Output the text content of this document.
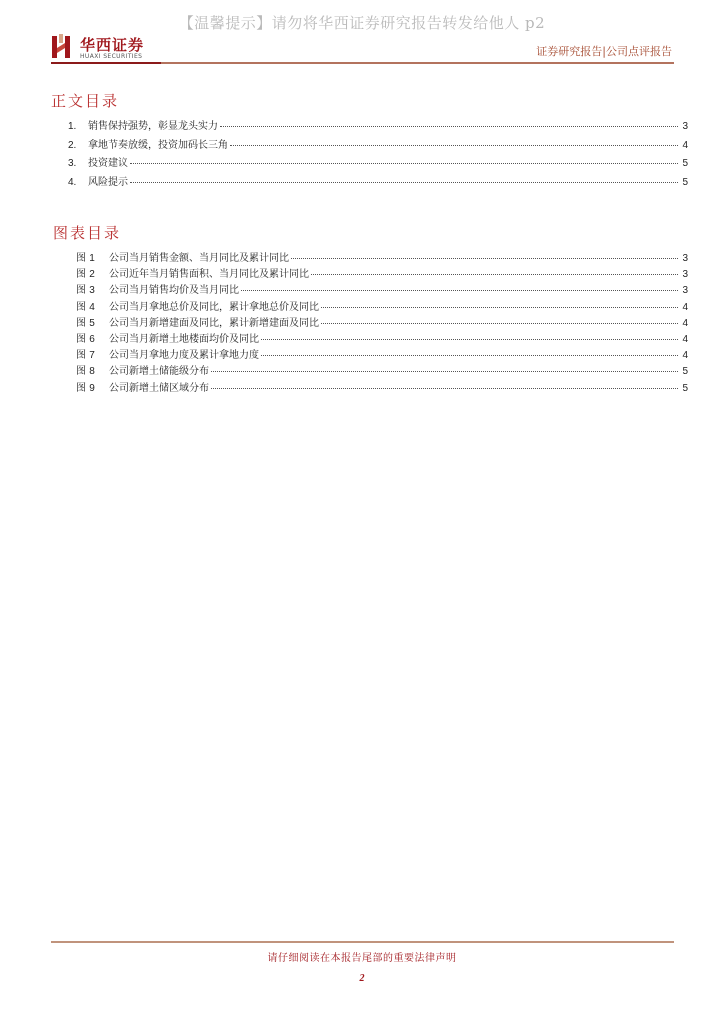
【温馨提示】请勿将华西证券研究报告转发给他人 p2
华西证券
HUAXI SECURITIES	证券研究报告|公司点评报告
正文目录
1.	销售保持强势，彰显龙头实力	3
2.	拿地节奏放缓，投资加码长三角	4
3.	投资建议	5
4.	风险提示	5
图表目录
图 1	公司当月销售金额、当月同比及累计同比	3
图 2	公司近年当月销售面积、当月同比及累计同比	3
图 3	公司当月销售均价及当月同比	3
图 4	公司当月拿地总价及同比，累计拿地总价及同比	4
图 5	公司当月新增建面及同比，累计新增建面及同比	4
图 6	公司当月新增土地楼面均价及同比	4
图 7	公司当月拿地力度及累计拿地力度	4
图 8	公司新增土储能级分布	5
图 9	公司新增土储区域分布	5
请仔细阅读在本报告尾部的重要法律声明
2
